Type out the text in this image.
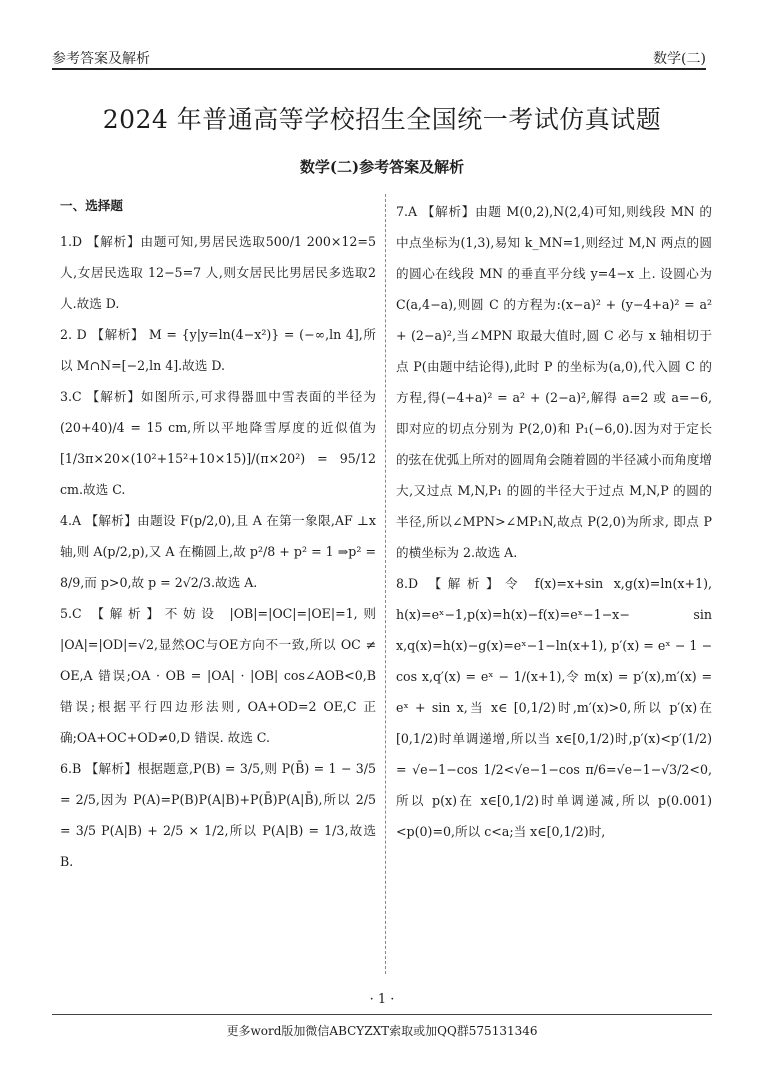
参考答案及解析	数学(二)
2024 年普通高等学校招生全国统一考试仿真试题
数学(二)参考答案及解析
一、选择题

1.D 【解析】由题可知,男居民选取500/1 200×12=5 人,女居民选取 12−5=7 人,则女居民比男居民多选取2 人.故选 D.

2. D 【解析】 M = {y|y=ln(4−x²)} = (−∞,ln 4],所以 M∩N=[−2,ln 4].故选 D.

3.C 【解析】如图所示,可求得器皿中雪表面的半径为 (20+40)/4 = 15 cm,所以平地降雪厚度的近似值为 [1/3π×20×(10²+15²+10×15)]/(π×20²) = 95/12 cm.故选 C.

4.A 【解析】由题设 F(p/2,0),且 A 在第一象限,AF ⊥x 轴,则 A(p/2,p),又 A 在椭圆上,故 p²/8 + p² = 1 ⇒p² = 8/9,而 p>0,故 p = 2√2/3.故选 A.

5.C 【解析】不妨设 |OB|=|OC|=|OE|=1,则 |OA|=|OD|=√2,显然OC与OE方向不一致,所以 OC ≠ OE,A 错误;OA · OB = |OA| · |OB| cos∠AOB<0,B 错误;根据平行四边形法则, OA+OD=2 OE,C 正确;OA+OC+OD≠0,D 错误. 故选 C.

6.B 【解析】根据题意,P(B) = 3/5,则 P(B̄) = 1 − 3/5 = 2/5,因为 P(A)=P(B)P(A|B)+P(B̄)P(A|B̄),所以 2/5 = 3/5 P(A|B) + 2/5 × 1/2,所以 P(A|B) = 1/3,故选 B.

7.A 【解析】由题 M(0,2),N(2,4)可知,则线段 MN 的中点坐标为(1,3),易知 k_MN=1,则经过 M,N 两点的圆的圆心在线段 MN 的垂直平分线 y=4−x 上. 设圆心为 C(a,4−a),则圆 C 的方程为:(x−a)² + (y−4+a)² = a² + (2−a)²,当∠MPN 取最大值时,圆 C 必与 x 轴相切于点 P(由题中结论得),此时 P 的坐标为(a,0),代入圆 C 的方程,得(−4+a)² = a² + (2−a)²,解得 a=2 或 a=−6,即对应的切点分别为 P(2,0)和 P₁(−6,0).因为对于定长的弦在优弧上所对的圆周角会随着圆的半径减小而角度增大,又过点 M,N,P₁ 的圆的半径大于过点 M,N,P 的圆的半径,所以∠MPN>∠MP₁N,故点 P(2,0)为所求, 即点 P 的横坐标为 2.故选 A.

8.D 【解析】令 f(x)=x+sin x,g(x)=ln(x+1), h(x)=eˣ−1,p(x)=h(x)−f(x)=eˣ−1−x− sin x,q(x)=h(x)−g(x)=eˣ−1−ln(x+1), p′(x) = eˣ − 1 − cos x,q′(x) = eˣ − 1/(x+1),令 m(x) = p′(x),m′(x) = eˣ + sin x,当 x∈ [0,1/2)时,m′(x)>0,所以 p′(x)在[0,1/2)时单调递增,所以当 x∈[0,1/2)时,p′(x)<p′(1/2) = √e−1−cos 1/2<√e−1−cos π/6=√e−1−√3/2<0,所以 p(x)在 x∈[0,1/2)时单调递减,所以 p(0.001)<p(0)=0,所以 c<a;当 x∈[0,1/2)时,

· 1 ·
更多word版加微信ABCYZXT索取或加QQ群575131346
